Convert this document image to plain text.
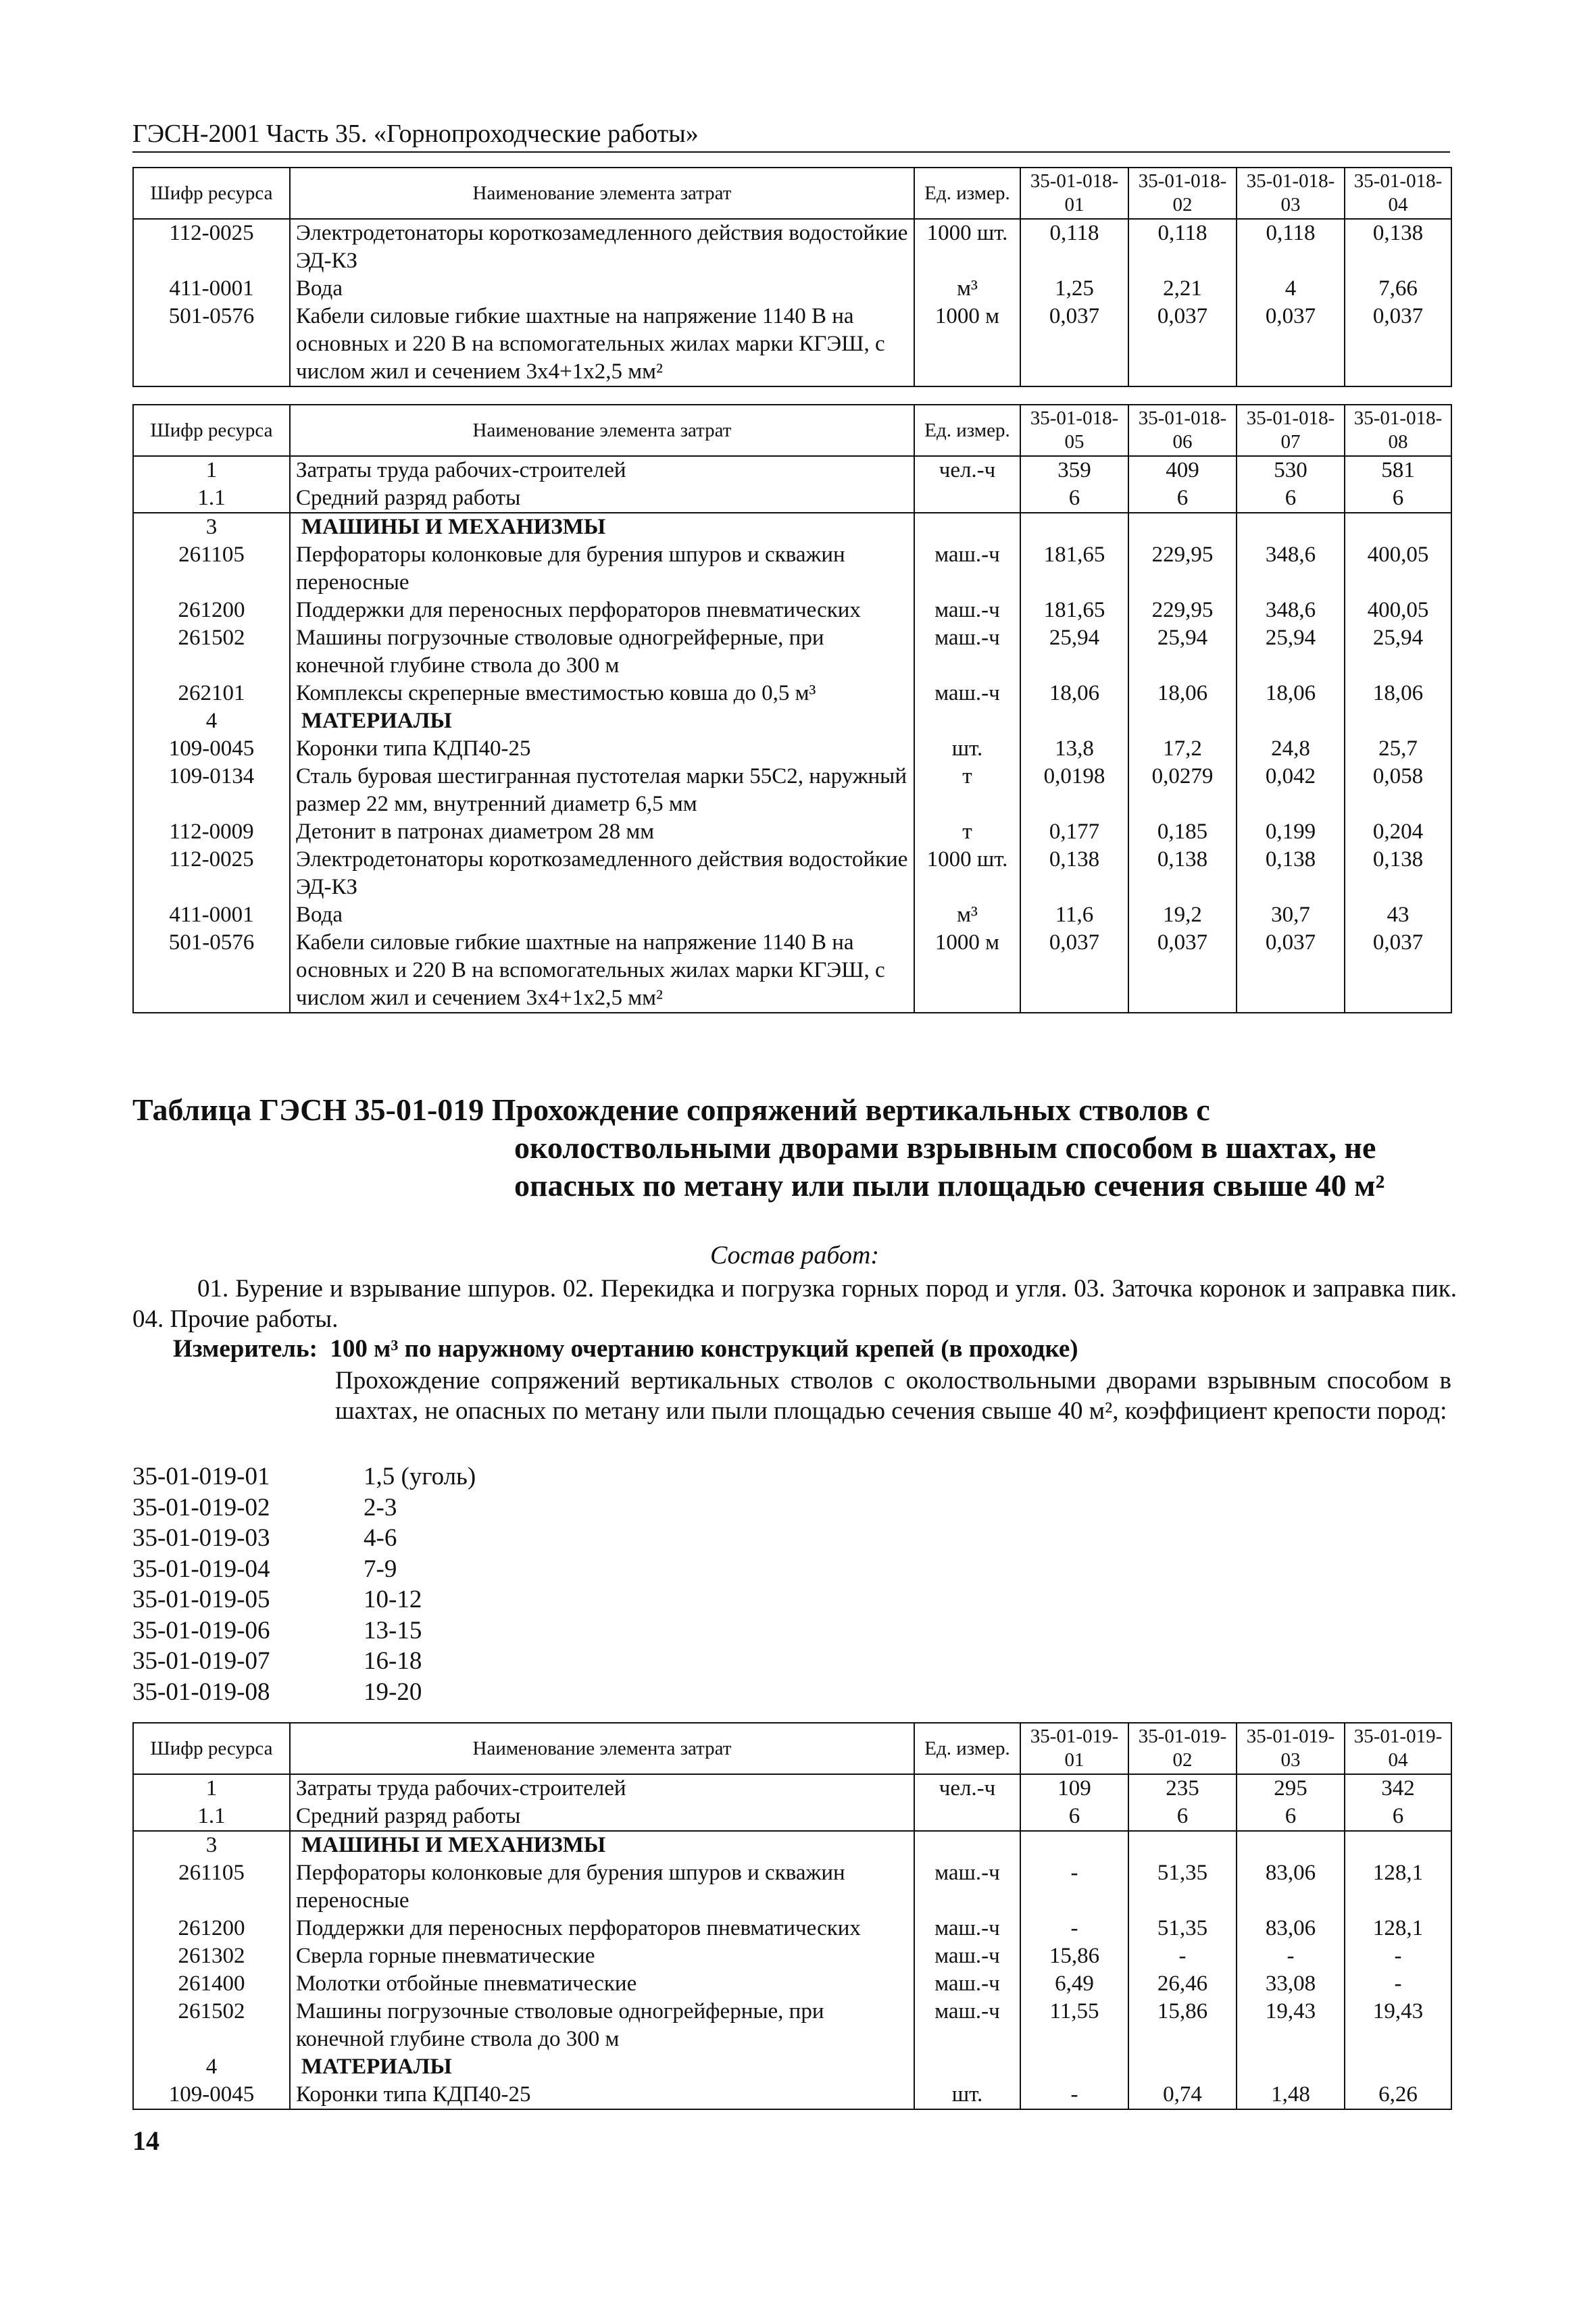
ГЭСН-2001 Часть 35. «Горнопроходческие работы»
Шифр ресурса	Наименование элемента затрат	Ед. измер.	35-01-018-01	35-01-018-02	35-01-018-03	35-01-018-04
112-0025	Электродетонаторы короткозамедленного действия водостойкие ЭД-КЗ	1000 шт.	0,118	0,118	0,118	0,138
411-0001	Вода	м³	1,25	2,21	4	7,66
501-0576	Кабели силовые гибкие шахтные на напряжение 1140 В на основных и 220 В на вспомогательных жилах марки КГЭШ, с числом жил и сечением 3х4+1х2,5 мм²	1000 м	0,037	0,037	0,037	0,037
Шифр ресурса	Наименование элемента затрат	Ед. измер.	35-01-018-05	35-01-018-06	35-01-018-07	35-01-018-08
1	Затраты труда рабочих-строителей	чел.-ч	359	409	530	581
1.1	Средний разряд работы		6	6	6	6
3	МАШИНЫ И МЕХАНИЗМЫ					
261105	Перфораторы колонковые для бурения шпуров и скважин переносные	маш.-ч	181,65	229,95	348,6	400,05
261200	Поддержки для переносных перфораторов пневматических	маш.-ч	181,65	229,95	348,6	400,05
261502	Машины погрузочные стволовые одногрейферные, при конечной глубине ствола до 300 м	маш.-ч	25,94	25,94	25,94	25,94
262101	Комплексы скреперные вместимостью ковша до 0,5 м³	маш.-ч	18,06	18,06	18,06	18,06
4	МАТЕРИАЛЫ					
109-0045	Коронки типа КДП40-25	шт.	13,8	17,2	24,8	25,7
109-0134	Сталь буровая шестигранная пустотелая марки 55С2, наружный размер 22 мм, внутренний диаметр 6,5 мм	т	0,0198	0,0279	0,042	0,058
112-0009	Детонит в патронах диаметром 28 мм	т	0,177	0,185	0,199	0,204
112-0025	Электродетонаторы короткозамедленного действия водостойкие ЭД-КЗ	1000 шт.	0,138	0,138	0,138	0,138
411-0001	Вода	м³	11,6	19,2	30,7	43
501-0576	Кабели силовые гибкие шахтные на напряжение 1140 В на основных и 220 В на вспомогательных жилах марки КГЭШ, с числом жил и сечением 3х4+1х2,5 мм²	1000 м	0,037	0,037	0,037	0,037
Таблица ГЭСН 35-01-019 Прохождение сопряжений вертикальных стволов с
околоствольными дворами взрывным способом в шахтах, не
опасных по метану или пыли площадью сечения свыше 40 м²
Состав работ:
01. Бурение и взрывание шпуров. 02. Перекидка и погрузка горных пород и угля. 03. Заточка коронок и заправка пик. 04. Прочие работы.
Измеритель: 100 м³ по наружному очертанию конструкций крепей (в проходке)
Прохождение сопряжений вертикальных стволов с околоствольными дворами взрывным способом в шахтах, не опасных по метану или пыли площадью сечения свыше 40 м², коэффициент крепости пород:
35-01-019-01	1,5 (уголь)
35-01-019-02	2-3
35-01-019-03	4-6
35-01-019-04	7-9
35-01-019-05	10-12
35-01-019-06	13-15
35-01-019-07	16-18
35-01-019-08	19-20
Шифр ресурса	Наименование элемента затрат	Ед. измер.	35-01-019-01	35-01-019-02	35-01-019-03	35-01-019-04
1	Затраты труда рабочих-строителей	чел.-ч	109	235	295	342
1.1	Средний разряд работы		6	6	6	6
3	МАШИНЫ И МЕХАНИЗМЫ					
261105	Перфораторы колонковые для бурения шпуров и скважин переносные	маш.-ч	-	51,35	83,06	128,1
261200	Поддержки для переносных перфораторов пневматических	маш.-ч	-	51,35	83,06	128,1
261302	Сверла горные пневматические	маш.-ч	15,86	-	-	-
261400	Молотки отбойные пневматические	маш.-ч	6,49	26,46	33,08	-
261502	Машины погрузочные стволовые одногрейферные, при конечной глубине ствола до 300 м	маш.-ч	11,55	15,86	19,43	19,43
4	МАТЕРИАЛЫ					
109-0045	Коронки типа КДП40-25	шт.	-	0,74	1,48	6,26
14
